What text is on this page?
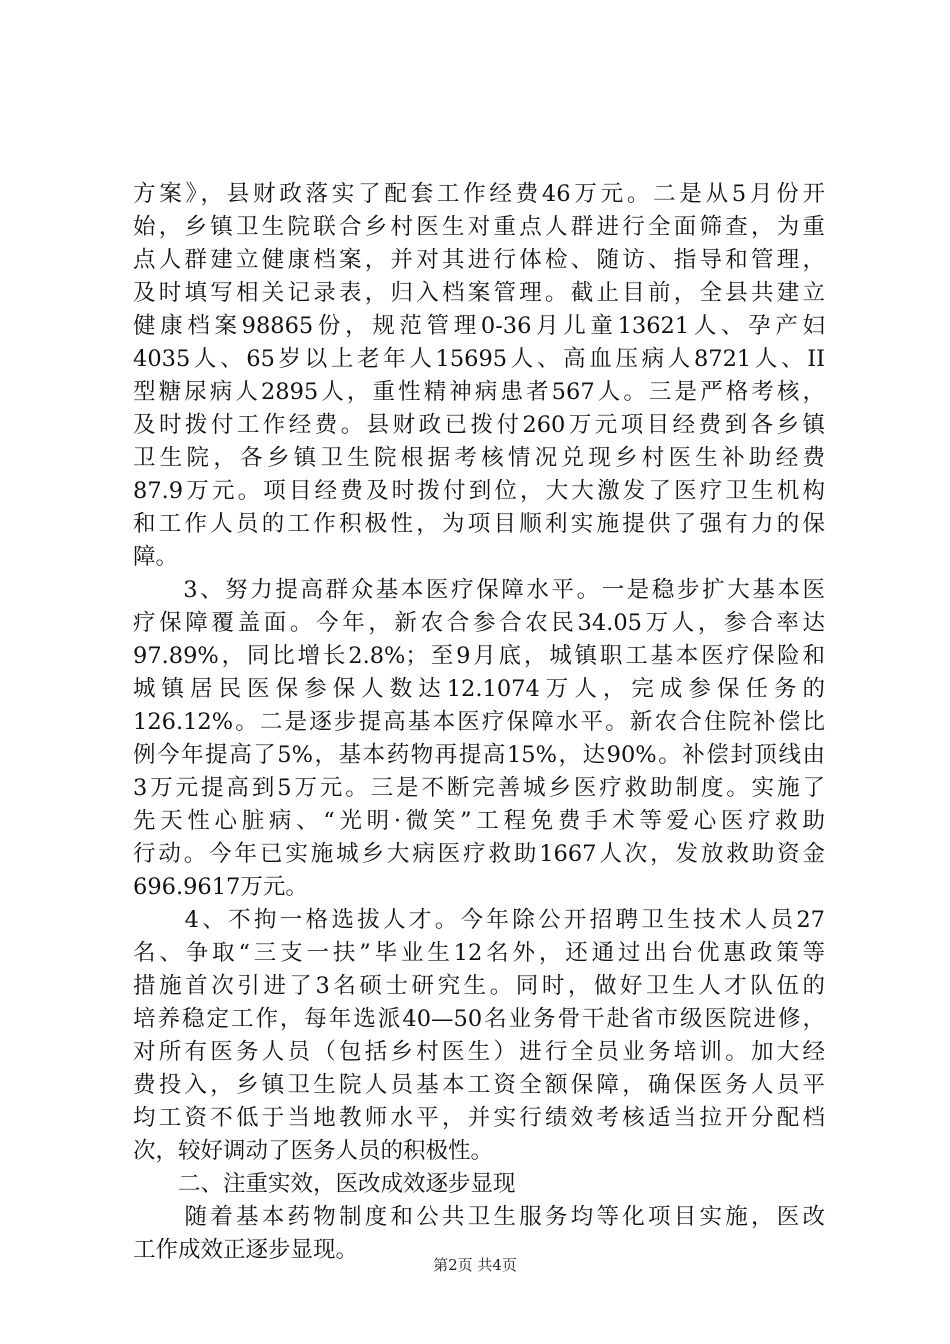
方案》，县财政落实了配套工作经费46万元。二是从5月份开
始，乡镇卫生院联合乡村医生对重点人群进行全面筛查，为重
点人群建立健康档案，并对其进行体检、随访、指导和管理，
及时填写相关记录表，归入档案管理。截止目前，全县共建立
健康档案98865份，规范管理0-36月儿童13621人、孕产妇
4035人、65岁以上老年人15695人、高血压病人8721人、II
型糖尿病人2895人，重性精神病患者567人。三是严格考核，
及时拨付工作经费。县财政已拨付260万元项目经费到各乡镇
卫生院，各乡镇卫生院根据考核情况兑现乡村医生补助经费
87.9万元。项目经费及时拨付到位，大大激发了医疗卫生机构
和工作人员的工作积极性，为项目顺利实施提供了强有力的保
障。
　　3、努力提高群众基本医疗保障水平。一是稳步扩大基本医
疗保障覆盖面。今年，新农合参合农民34.05万人，参合率达
97.89%，同比增长2.8%；至9月底，城镇职工基本医疗保险和
城镇居民医保参保人数达12.1074万人，完成参保任务的
126.12%。二是逐步提高基本医疗保障水平。新农合住院补偿比
例今年提高了5%，基本药物再提高15%，达90%。补偿封顶线由
3万元提高到5万元。三是不断完善城乡医疗救助制度。实施了
先天性心脏病、“光明·微笑”工程免费手术等爱心医疗救助
行动。今年已实施城乡大病医疗救助1667人次，发放救助资金
696.9617万元。
　　4、不拘一格选拔人才。今年除公开招聘卫生技术人员27
名、争取“三支一扶”毕业生12名外，还通过出台优惠政策等
措施首次引进了3名硕士研究生。同时，做好卫生人才队伍的
培养稳定工作，每年选派40—50名业务骨干赴省市级医院进修，
对所有医务人员（包括乡村医生）进行全员业务培训。加大经
费投入，乡镇卫生院人员基本工资全额保障，确保医务人员平
均工资不低于当地教师水平，并实行绩效考核适当拉开分配档
次，较好调动了医务人员的积极性。
　　二、注重实效，医改成效逐步显现
　　随着基本药物制度和公共卫生服务均等化项目实施，医改
工作成效正逐步显现。
第2页 共4页
